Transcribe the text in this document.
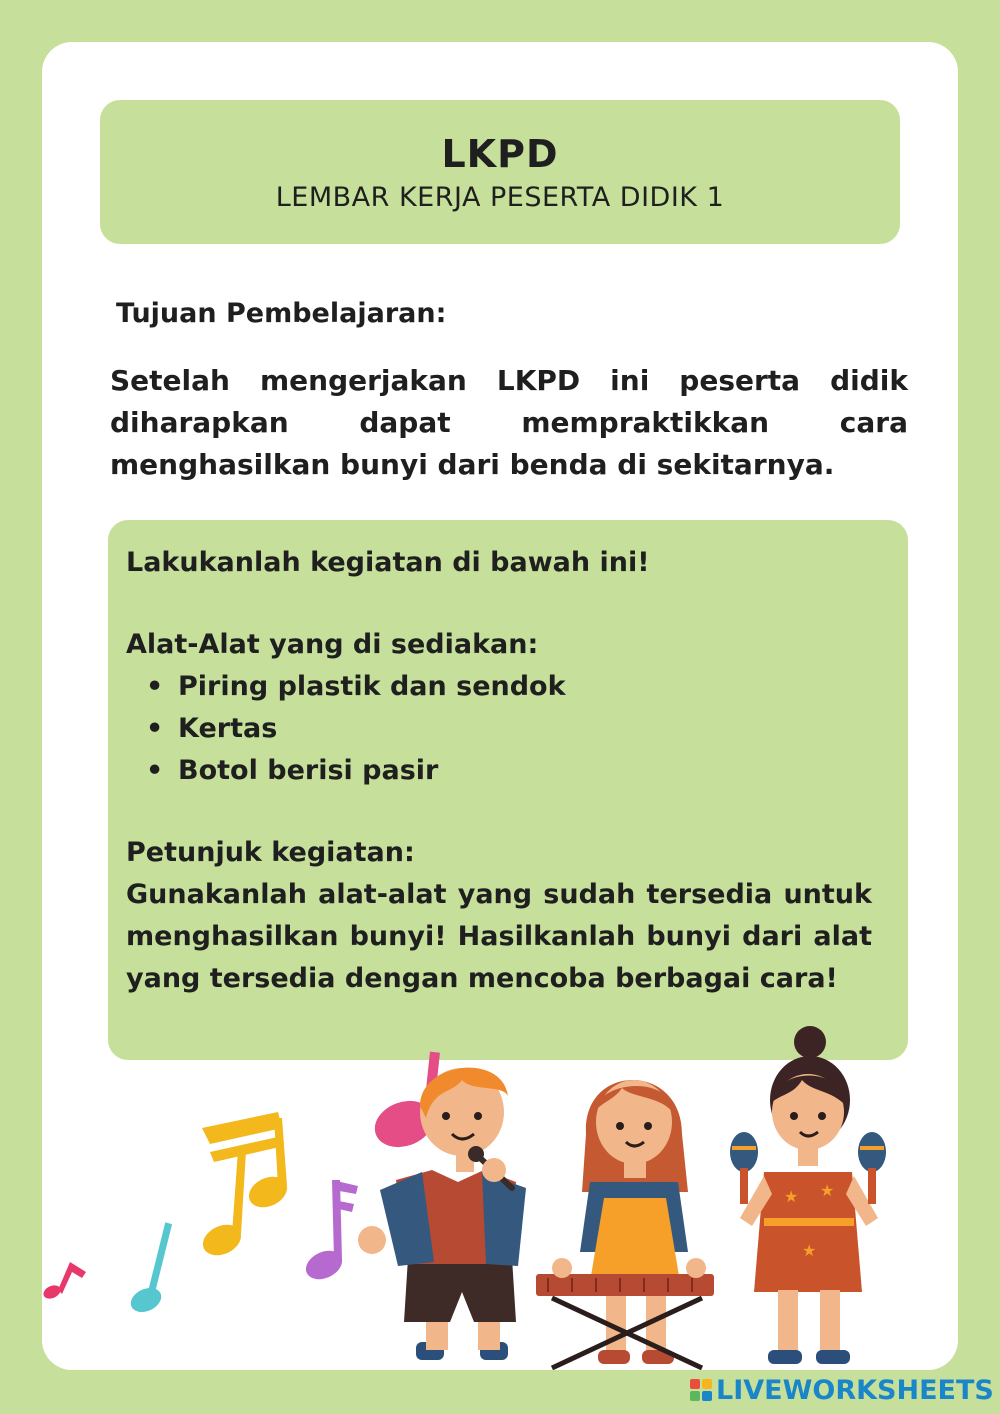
LKPD
LEMBAR KERJA PESERTA DIDIK 1
Tujuan Pembelajaran:
Setelah mengerjakan LKPD ini peserta didik diharapkan dapat mempraktikkan cara menghasilkan bunyi dari benda di sekitarnya.
Lakukanlah kegiatan di bawah ini!
Alat-Alat yang di sediakan:
• Piring plastik dan sendok
• Kertas
• Botol berisi pasir
Petunjuk kegiatan:
Gunakanlah alat-alat yang sudah tersedia untuk menghasilkan bunyi! Hasilkanlah bunyi dari alat yang tersedia dengan mencoba berbagai cara!
★ ★
★
LIVEWORKSHEETS
